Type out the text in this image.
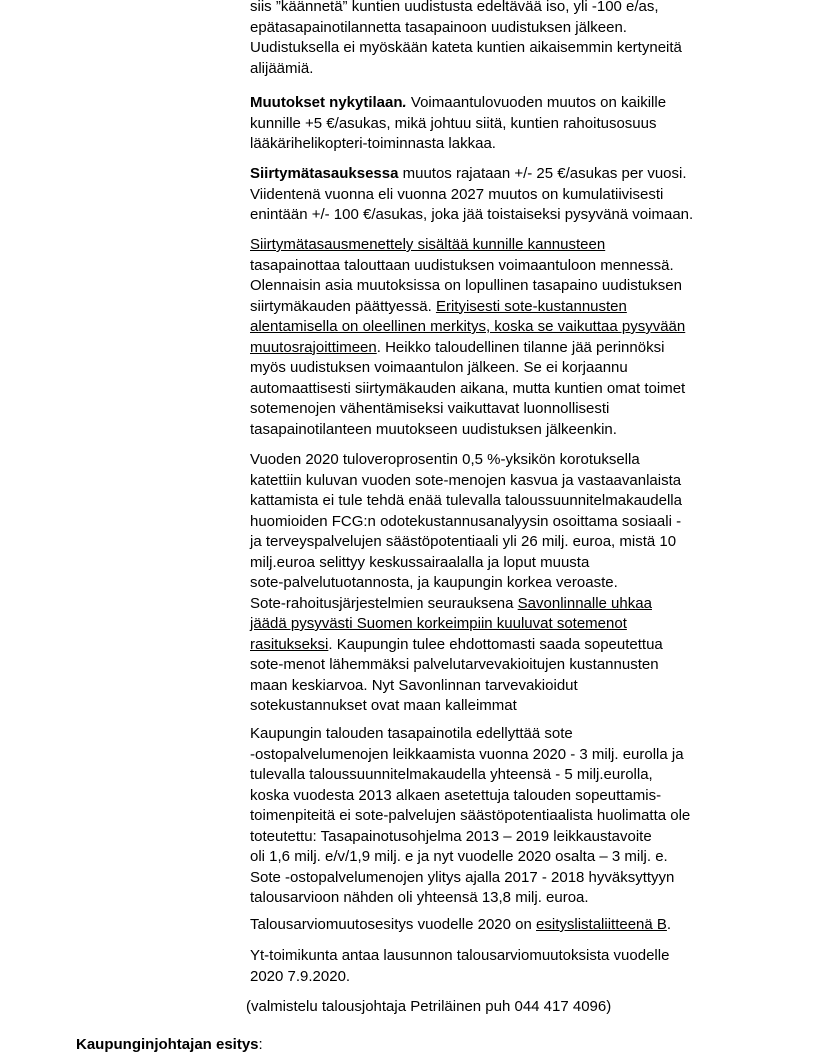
siis ”käännetä” kuntien uudistusta edeltävää iso, yli -100 e/as,
epätasapainotilannetta tasapainoon uudistuksen jälkeen.
Uudistuksella ei myöskään kateta kuntien aikaisemmin kertyneitä
alijäämiä.
Muutokset nykytilaan. Voimaantulovuoden muutos on kaikille
kunnille +5 €/asukas, mikä johtuu siitä, kuntien rahoitusosuus
lääkärihelikopteri-toiminnasta lakkaa.
Siirtymätasauksessa muutos rajataan +/- 25 €/asukas per vuosi.
Viidentenä vuonna eli vuonna 2027 muutos on kumulatiivisesti
enintään +/- 100 €/asukas, joka jää toistaiseksi pysyvänä voimaan.
Siirtymätasausmenettely sisältää kunnille kannusteen
tasapainottaa talouttaan uudistuksen voimaantuloon mennessä.
Olennaisin asia muutoksissa on lopullinen tasapaino uudistuksen
siirtymäkauden päättyessä. Erityisesti sote-kustannusten
alentamisella on oleellinen merkitys, koska se vaikuttaa pysyvään
muutosrajoittimeen. Heikko taloudellinen tilanne jää perinnöksi
myös uudistuksen voimaantulon jälkeen. Se ei korjaannu
automaattisesti siirtymäkauden aikana, mutta kuntien omat toimet
sotemenojen vähentämiseksi vaikuttavat luonnollisesti
tasapainotilanteen muutokseen uudistuksen jälkeenkin.
Vuoden 2020 tuloveroprosentin 0,5 %-yksikön korotuksella
katettiin kuluvan vuoden sote-menojen kasvua ja vastaavanlaista
kattamista ei tule tehdä enää tulevalla taloussuunnitelmakaudella
huomioiden FCG:n odotekustannusanalyysin osoittama sosiaali -
ja terveyspalvelujen säästöpotentiaali yli 26 milj. euroa, mistä 10
milj.euroa selittyy keskussairaalalla ja loput muusta
sote-palvelutuotannosta, ja kaupungin korkea veroaste.
Sote-rahoitusjärjestelmien seurauksena Savonlinnalle uhkaa
jäädä pysyvästi Suomen korkeimpiin kuuluvat sotemenot
rasitukseksi. Kaupungin tulee ehdottomasti saada sopeutettua
sote-menot lähemmäksi palvelutarvevakioitujen kustannusten
maan keskiarvoa. Nyt Savonlinnan tarvevakioidut
sotekustannukset ovat maan kalleimmat
Kaupungin talouden tasapainotila edellyttää sote
-ostopalvelumenojen leikkaamista vuonna 2020 - 3 milj. eurolla ja
tulevalla taloussuunnitelmakaudella yhteensä - 5 milj.eurolla,
koska vuodesta 2013 alkaen asetettuja talouden sopeuttamis-
toimenpiteitä ei sote-palvelujen säästöpotentiaalista huolimatta ole
toteutettu: Tasapainotusohjelma 2013 – 2019 leikkaustavoite
oli 1,6 milj. e/v/1,9 milj. e ja nyt vuodelle 2020 osalta – 3 milj. e.
Sote -ostopalvelumenojen ylitys ajalla 2017 - 2018 hyväksyttyyn
talousarvioon nähden oli yhteensä 13,8 milj. euroa.
Talousarviomuutosesitys vuodelle 2020 on esityslistaliitteenä B.
Yt-toimikunta antaa lausunnon talousarviomuutoksista vuodelle
2020 7.9.2020.
(valmistelu talousjohtaja Petriläinen puh 044 417 4096)
Kaupunginjohtajan esitys:
